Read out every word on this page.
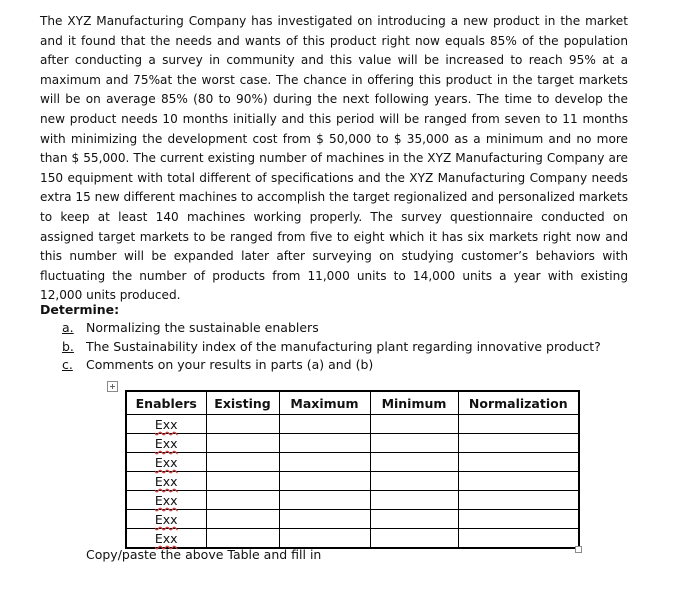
The XYZ Manufacturing Company has investigated on introducing a new product in the market and it found that the needs and wants of this product right now equals 85% of the population after conducting a survey in community and this value will be increased to reach 95% at a maximum and 75%at the worst case. The chance in offering this product in the target markets will be on average 85% (80 to 90%) during the next following years. The time to develop the new product needs 10 months initially and this period will be ranged from seven to 11 months with minimizing the development cost from $ 50,000 to $ 35,000 as a minimum and no more than $ 55,000. The current existing number of machines in the XYZ Manufacturing Company are 150 equipment with total different of specifications and the XYZ Manufacturing Company needs extra 15 new different machines to accomplish the target regionalized and personalized markets to keep at least 140 machines working properly. The survey questionnaire conducted on assigned target markets to be ranged from five to eight which it has six markets right now and this number will be expanded later after surveying on studying customer’s behaviors with fluctuating the number of products from 11,000 units to 14,000 units a year with existing 12,000 units produced.

Determine:

a. Normalizing the sustainable enablers
b. The Sustainability index of the manufacturing plant regarding innovative product?
c. Comments on your results in parts (a) and (b)
Enablers	Existing	Maximum	Minimum	Normalization
Exx				
Exx				
Exx				
Exx				
Exx				
Exx				
Exx				

Copy/paste the above Table and fill in
